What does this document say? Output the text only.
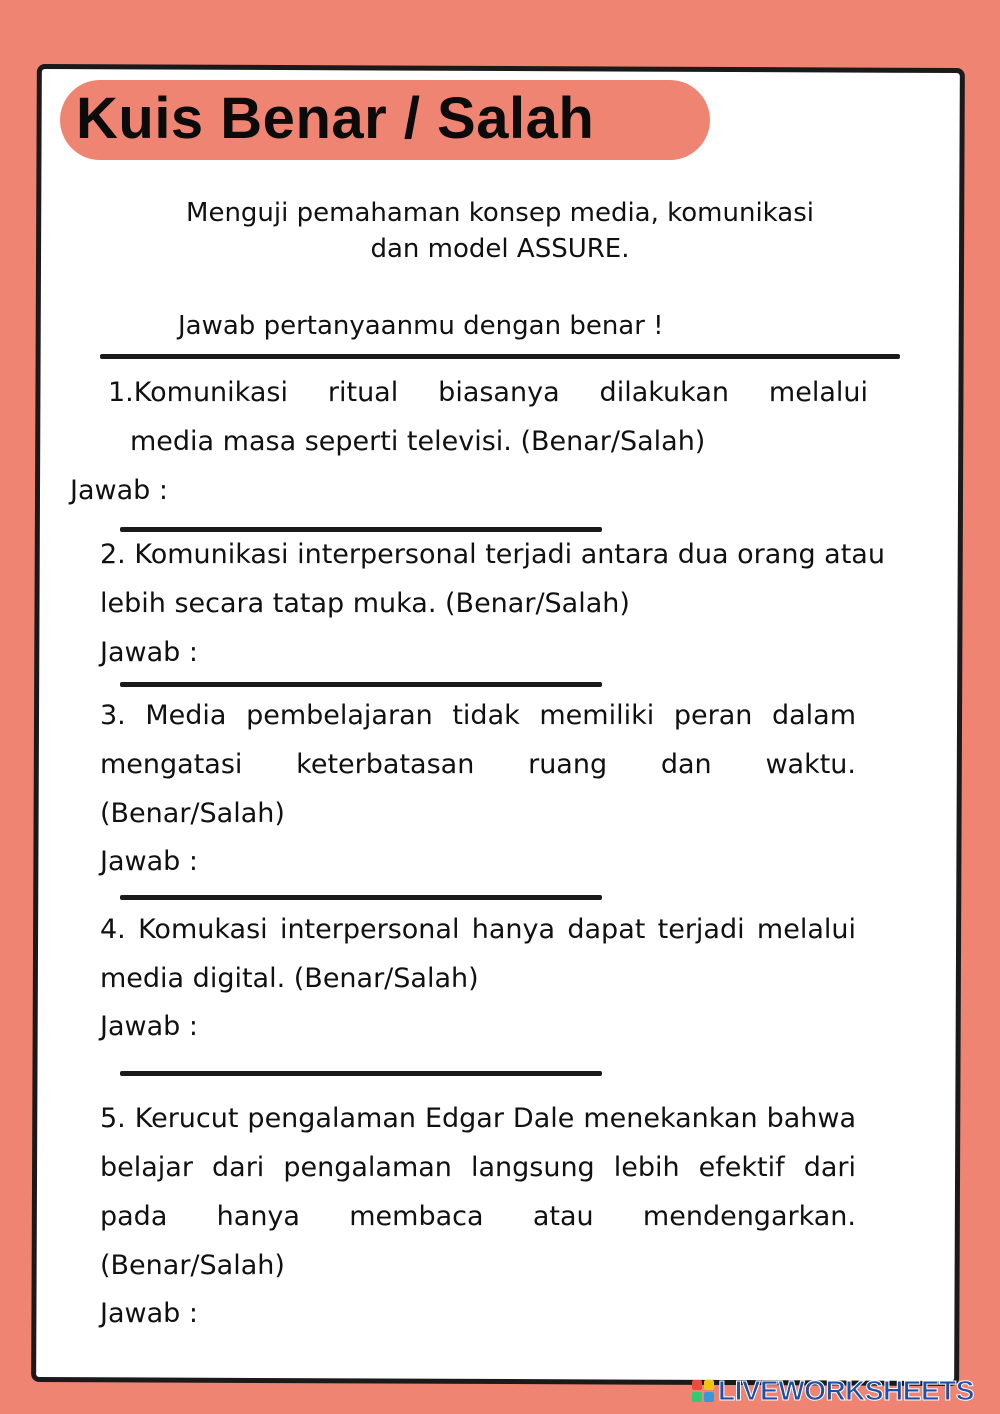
Kuis Benar / Salah
Menguji pemahaman konsep media, komunikasi
dan model ASSURE.
Jawab pertanyaanmu dengan benar !
1.Komunikasi ritual biasanya dilakukan melalui
media masa seperti televisi. (Benar/Salah)
Jawab :
2. Komunikasi interpersonal terjadi antara dua orang atau lebih secara tatap muka. (Benar/Salah)
Jawab :
3. Media pembelajaran tidak memiliki peran dalam mengatasi keterbatasan ruang dan waktu. (Benar/Salah)
Jawab :
4. Komukasi interpersonal hanya dapat terjadi melalui media digital. (Benar/Salah)
Jawab :
5. Kerucut pengalaman Edgar Dale menekankan bahwa belajar dari pengalaman langsung lebih efektif dari pada hanya membaca atau mendengarkan. (Benar/Salah)
Jawab :
LIVEWORKSHEETS
